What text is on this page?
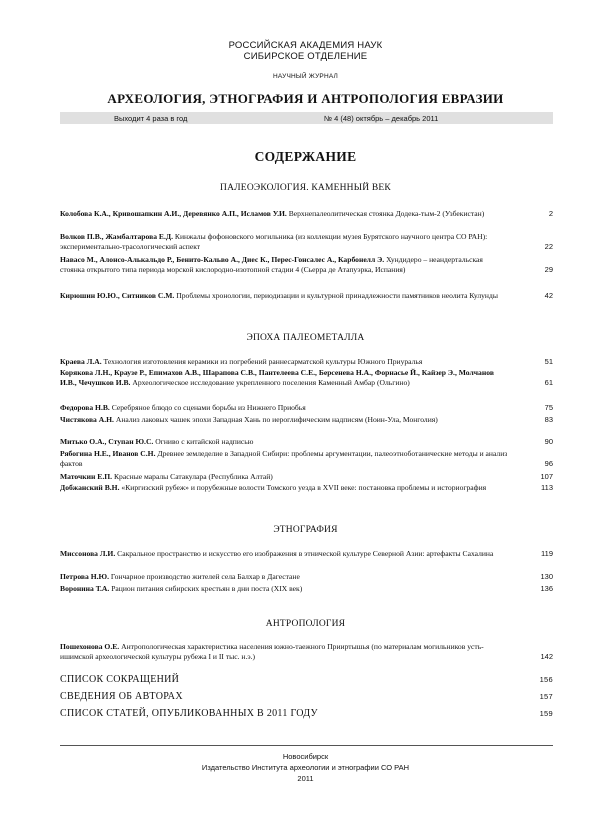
РОССИЙСКАЯ АКАДЕМИЯ НАУК
СИБИРСКОЕ ОТДЕЛЕНИЕ
НАУЧНЫЙ ЖУРНАЛ
АРХЕОЛОГИЯ, ЭТНОГРАФИЯ И АНТРОПОЛОГИЯ ЕВРАЗИИ
Выходит 4 раза в год	№ 4 (48) октябрь – декабрь 2011
СОДЕРЖАНИЕ
ПАЛЕОЭКОЛОГИЯ. КАМЕННЫЙ ВЕК
Колобова К.А., Кривошапкин А.И., Деревянко А.П., Исламов У.И. Верхнепалеолитическая стоянка Додека-тым-2 (Узбекистан)	2
Волков П.В., Жамбалтарова Е.Д. Кинжалы фофоновского могильника (из коллекции музея Бурятского научного центра СО РАН): экспериментально-трасологический аспект	22
Навасо М., Алонсо-Алькальдо Р., Бенито-Кальво А., Диес К., Перес-Гонсалес А., Карбонелл Э. Хундидеро – неандертальская стоянка открытого типа периода морской кислородно-изотопной стадии 4 (Сьерра де Атапуэрка, Испания)	29
Кирюшин Ю.Ю., Ситников С.М. Проблемы хронологии, периодизации и культурной принадлежности памятников неолита Кулунды	42
ЭПОХА ПАЛЕОМЕТАЛЛА
Краева Л.А. Технология изготовления керамики из погребений раннесарматской культуры Южного Приуралья	51
Корякова Л.Н., Краузе Р., Епимахов А.В., Шарапова С.В., Пантелеева С.Е., Берсенева Н.А., Форнасье Й., Кайзер Э., Молчанов И.В., Чечушков И.В. Археологическое исследование укрепленного поселения Каменный Амбар (Ольгино)	61
Федорова Н.В. Серебряное блюдо со сценами борьбы из Нижнего Приобья	75
Чистякова А.Н. Анализ лаковых чашек эпохи Западная Хань по иероглифическим надписям (Ноин-Ула, Монголия)	83
Митько О.А., Ступан Ю.С. Огниво с китайской надписью	90
Рябогина Н.Е., Иванов С.Н. Древнее земледелие в Западной Сибири: проблемы аргументации, палеоэтноботанические методы и анализ фактов	96
Маточкин Е.П. Красные маралы Сатакулара (Республика Алтай)	107
Добжанский В.Н. «Киргизский рубеж» и порубежные волости Томского уезда в XVII веке: постановка проблемы и историография	113
ЭТНОГРАФИЯ
Миссонова Л.И. Сакральное пространство и искусство его изображения в этнической культуре Северной Азии: артефакты Сахалина	119
Петрова Н.Ю. Гончарное производство жителей села Балхар в Дагестане	130
Воронина Т.А. Рацион питания сибирских крестьян в дни поста (XIX век)	136
АНТРОПОЛОГИЯ
Пошехонова О.Е. Антропологическая характеристика населения южно-таежного Прииртышья (по материалам могильников усть-ишимской археологической культуры рубежа I и II тыс. н.э.)	142
СПИСОК СОКРАЩЕНИЙ	156
СВЕДЕНИЯ ОБ АВТОРАХ	157
СПИСОК СТАТЕЙ, ОПУБЛИКОВАННЫХ В 2011 ГОДУ	159
Новосибирск
Издательство Института археологии и этнографии СО РАН
2011
